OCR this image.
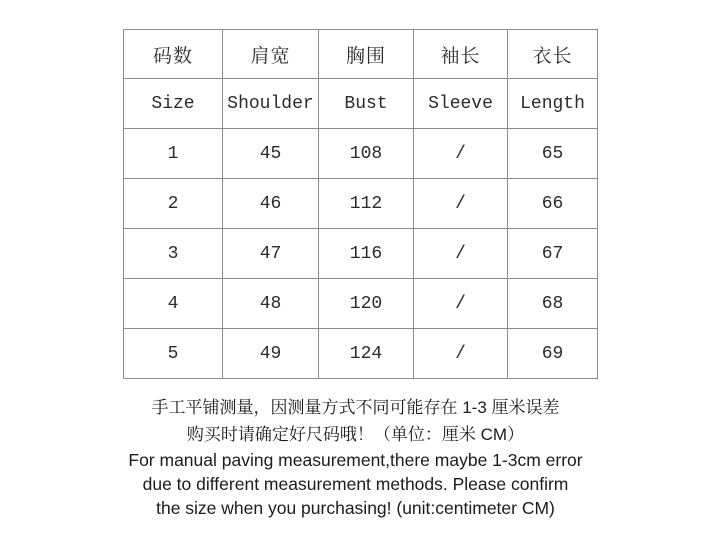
码数	肩宽	胸围	袖长	衣长
Size	Shoulder	Bust	Sleeve	Length
1	45	108	/	65
2	46	112	/	66
3	47	116	/	67
4	48	120	/	68
5	49	124	/	69
手工平铺测量，因测量方式不同可能存在 1-3 厘米误差
购买时请确定好尺码哦！（单位：厘米 CM）
For manual paving measurement,there maybe 1-3cm error
due to different measurement methods. Please confirm
the size when you purchasing! (unit:centimeter CM)
